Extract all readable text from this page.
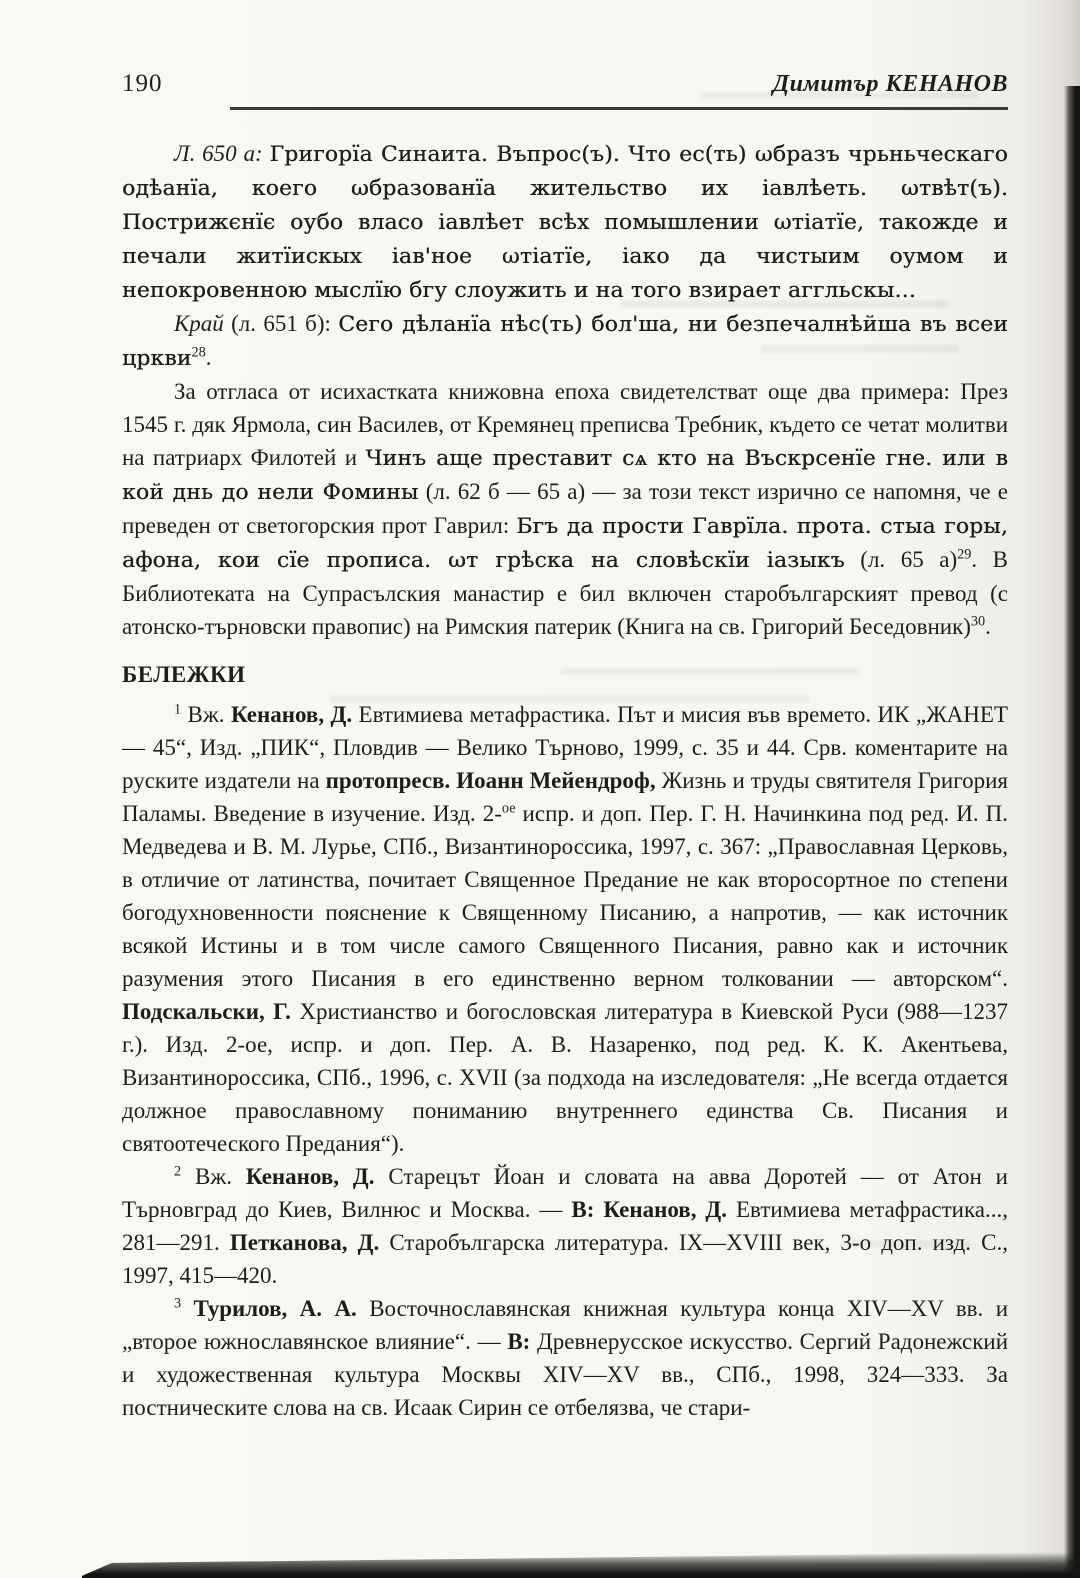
190	Димитър КЕНАНОВ

Л. 650 а: Григорїа Синаита. Въпрос(ъ). Что ес(ть) ωбразъ чрьньческаго одѣанїа, коего ωбразованїа жительство их іавлѣеть. ωтвѣт(ъ). Пострижєнїє оубо власо іавлѣет всѣх помышлении ωтіатїе, такожде и печали житїискых іав'ное ωтіатїе, іако да чистыим оумом и непокровенною мыслїю бгу слоужить и на того взирает аггльскы...

Край (л. 651 б): Сего дѣланїа нѣс(ть) бол'ша, ни безпечалнѣйша въ всеи цркви$^{28}$.

За отгласа от исихастката книжовна епоха свидетелстват още два примера: През 1545 г. дяк Ярмола, син Василев, от Кремянец преписва Требник, където се четат молитви на патриарх Филотей и Чинъ аще преставит сѧ кто на Въскрсенїе гне. или в кой днь до нели Фомины (л. 62 б — 65 а) — за този текст изрично се напомня, че е преведен от светогорския прот Гаврил: Бгъ да прости Гаврїла. прота. стыа горы, афона, кои сїе прописа. ωт грѣска на словѣскїи іазыкъ (л. 65 а)$^{29}$. В Библиотеката на Супрасълския манастир е бил включен старобългарският превод (с атонско-търновски правопис) на Римския патерик (Книга на св. Григорий Беседовник)$^{30}$.

БЕЛЕЖКИ

$^1$ Вж. Кенанов, Д. Евтимиева метафрастика. Път и мисия във времето. ИК „ЖАНЕТ — 45“, Изд. „ПИК“, Пловдив — Велико Търново, 1999, с. 35 и 44. Срв. коментарите на руските издатели на протопресв. Иоанн Мейендроф, Жизнь и труды святителя Григория Паламы. Введение в изучение. Изд. 2-$^{ое}$ испр. и доп. Пер. Г. Н. Начинкина под ред. И. П. Медведева и В. М. Лурье, СПб., Византинороссика, 1997, с. 367: „Православная Церковь, в отличие от латинства, почитает Священное Предание не как второсортное по степени богодухновенности пояснение к Священному Писанию, а напротив, — как источник всякой Истины и в том числе самого Священного Писания, равно как и источник разумения этого Писания в его единственно верном толковании — авторском“. Подскальски, Г. Христианство и богословская литература в Киевской Руси (988—1237 г.). Изд. 2-ое, испр. и доп. Пер. А. В. Назаренко, под ред. К. К. Акентьева, Византинороссика, СПб., 1996, с. XVII (за подхода на изследователя: „Не всегда отдается должное православному пониманию внутреннего единства Св. Писания и святоотеческого Предания“).

$^2$ Вж. Кенанов, Д. Старецът Йоан и словата на авва Доротей — от Атон и Търновград до Киев, Вилнюс и Москва. — В: Кенанов, Д. Евтимиева метафрастика..., 281—291. Петканова, Д. Старобългарска литература. IX—XVIII век, 3-о доп. изд. С., 1997, 415—420.

$^3$ Турилов, А. А. Восточнославянская книжная культура конца XIV—XV вв. и „второе южнославянское влияние“. — В: Древнерусское искусство. Сергий Радонежский и художественная культура Москвы XIV—XV вв., СПб., 1998, 324—333. За постническите слова на св. Исаак Сирин се отбелязва, че стари-
